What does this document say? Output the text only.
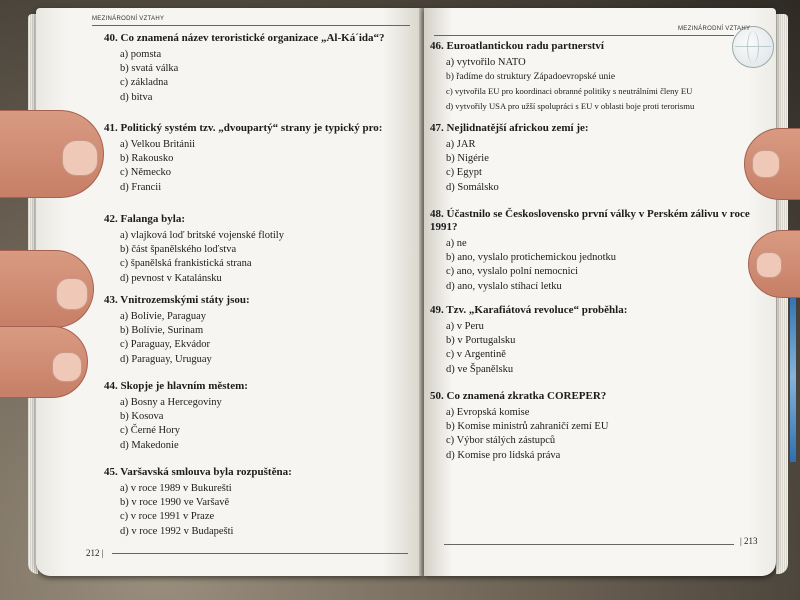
MEZINÁRODNÍ VZTAHY
40. Co znamená název teroristické organizace „Al-Ká´ida“?
a) pomsta
b) svatá válka
c) základna
d) bitva
41. Politický systém tzv. „dvoupartý“ strany je typický pro:
a) Velkou Británii
b) Rakousko
c) Německo
d) Francii
42. Falanga byla:
a) vlajková loď britské vojenské flotily
b) část španělského loďstva
c) španělská frankistická strana
d) pevnost v Katalánsku
43. Vnitrozemskými státy jsou:
a) Bolívie, Paraguay
b) Bolívie, Surinam
c) Paraguay, Ekvádor
d) Paraguay, Uruguay
44. Skopje je hlavním městem:
a) Bosny a Hercegoviny
b) Kosova
c) Černé Hory
d) Makedonie
45. Varšavská smlouva byla rozpuštěna:
a) v roce 1989 v Bukurešti
b) v roce 1990 ve Varšavě
c) v roce 1991 v Praze
d) v roce 1992 v Budapešti
212 |
MEZINÁRODNÍ VZTAHY
46. Euroatlantickou radu partnerství
a) vytvořilo NATO
b) řadíme do struktury Západoevropské unie
c) vytvořila EU pro koordinaci obranné politiky s neutrálními členy EU
d) vytvořily USA pro užší spolupráci s EU v oblasti boje proti terorismu
47. Nejlidnatější africkou zemí je:
a) JAR
b) Nigérie
c) Egypt
d) Somálsko
48. Účastnilo se Československo první války v Perském zálivu v roce 1991?
a) ne
b) ano, vyslalo protichemickou jednotku
c) ano, vyslalo polní nemocnici
d) ano, vyslalo stíhací letku
49. Tzv. „Karafiátová revoluce“ proběhla:
a) v Peru
b) v Portugalsku
c) v Argentině
d) ve Španělsku
50. Co znamená zkratka COREPER?
a) Evropská komise
b) Komise ministrů zahraničí zemí EU
c) Výbor stálých zástupců
d) Komise pro lidská práva
| 213
